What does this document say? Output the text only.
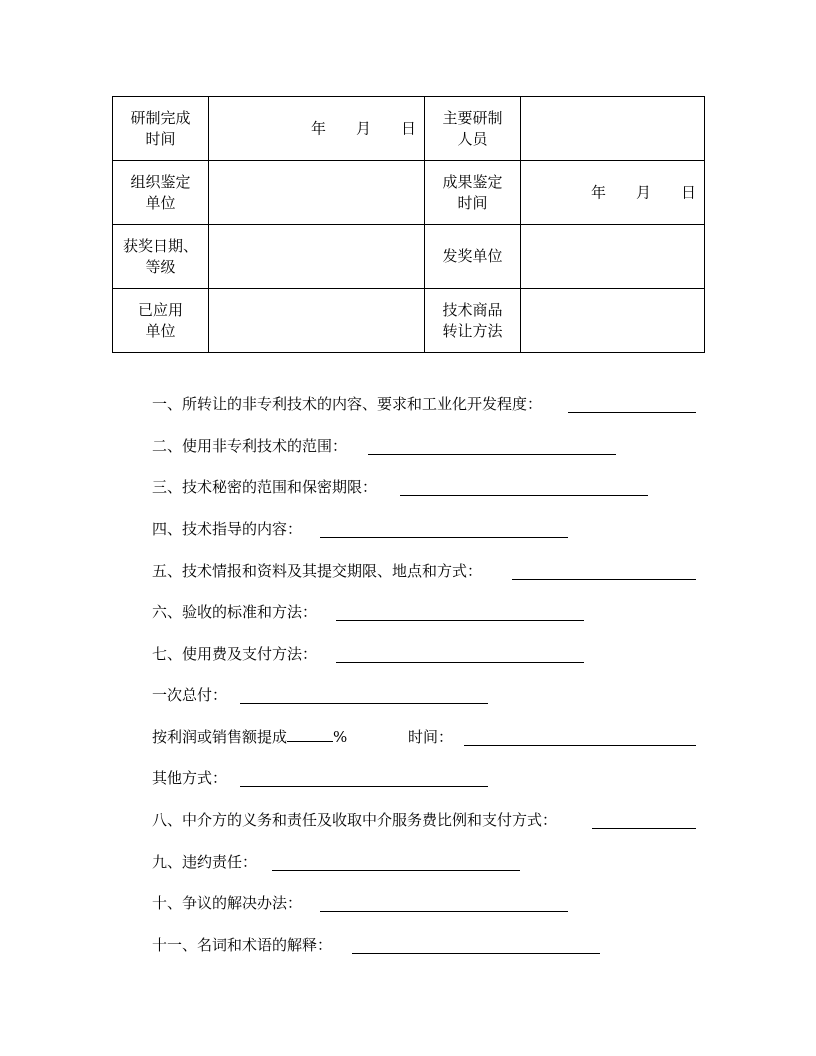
研制完成
时间	年 月 日	主要研制
人员	

组织鉴定
单位		成果鉴定
时间	年 月 日

获奖日期、
等级		发奖单位	

已应用
单位		技术商品
转让方法	

一、所转让的非专利技术的内容、要求和工业化开发程度：
二、使用非专利技术的范围：
三、技术秘密的范围和保密期限：
四、技术指导的内容：
五、技术情报和资料及其提交期限、地点和方式：
六、验收的标准和方法：
七、使用费及支付方法：
一次总付：
按利润或销售额提成	%	时间：
其他方式：
八、中介方的义务和责任及收取中介服务费比例和支付方式：
九、违约责任：
十、争议的解决办法：
十一、名词和术语的解释：
